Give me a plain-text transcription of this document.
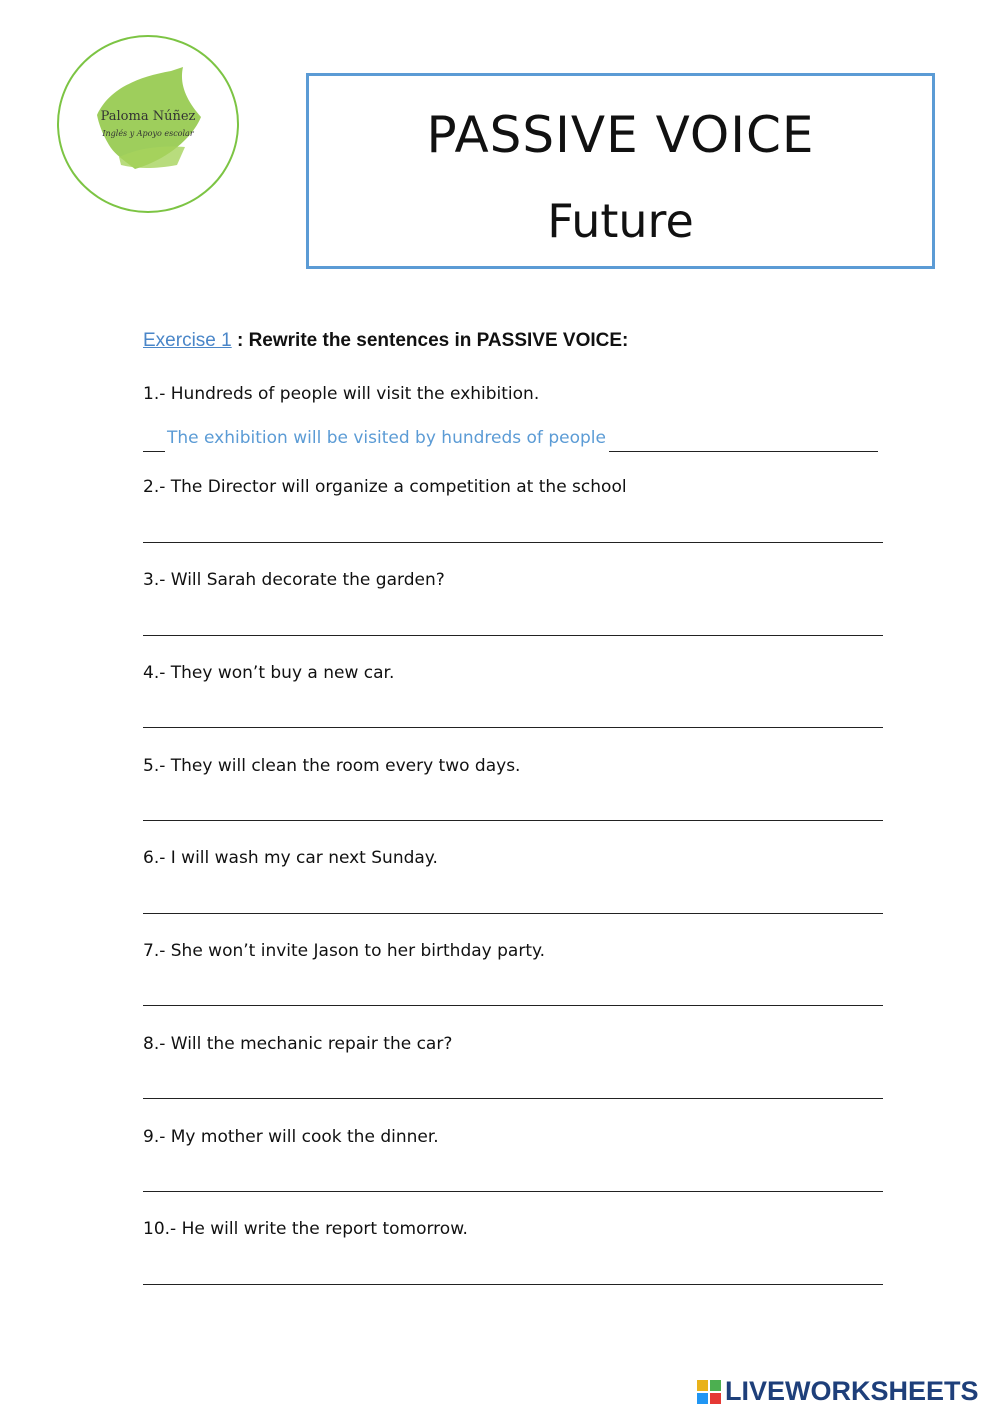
Paloma Núñez
Inglés y Apoyo escolar	PASSIVE VOICE
Future
Exercise 1 : Rewrite the sentences in PASSIVE VOICE:
1.- Hundreds of people will visit the exhibition.
The exhibition will be visited by hundreds of people
2.- The Director will organize a competition at the school
3.- Will Sarah decorate the garden?
4.- They won’t buy a new car.
5.- They will clean the room every two days.
6.- I will wash my car next Sunday.
7.- She won’t invite Jason to her birthday party.
8.- Will the mechanic repair the car?
9.- My mother will cook the dinner.
10.- He will write the report tomorrow.
LIVEWORKSHEETS
